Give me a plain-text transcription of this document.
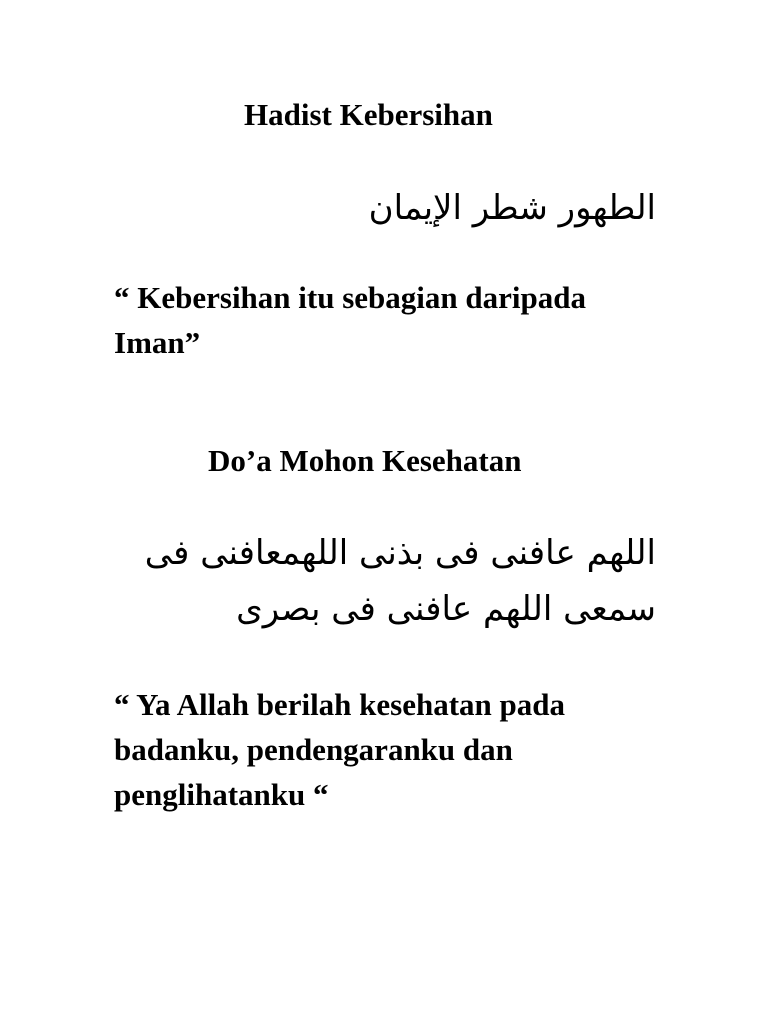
Hadist Kebersihan
الطهور شطر الإيمان
“ Kebersihan itu sebagian daripada
Iman”
Do’a Mohon Kesehatan
اللهم عافنى فى بذنى اللهمعافنى فى
سمعى اللهم عافنى فى بصرى
“ Ya Allah berilah kesehatan pada
badanku, pendengaranku dan
penglihatanku “
